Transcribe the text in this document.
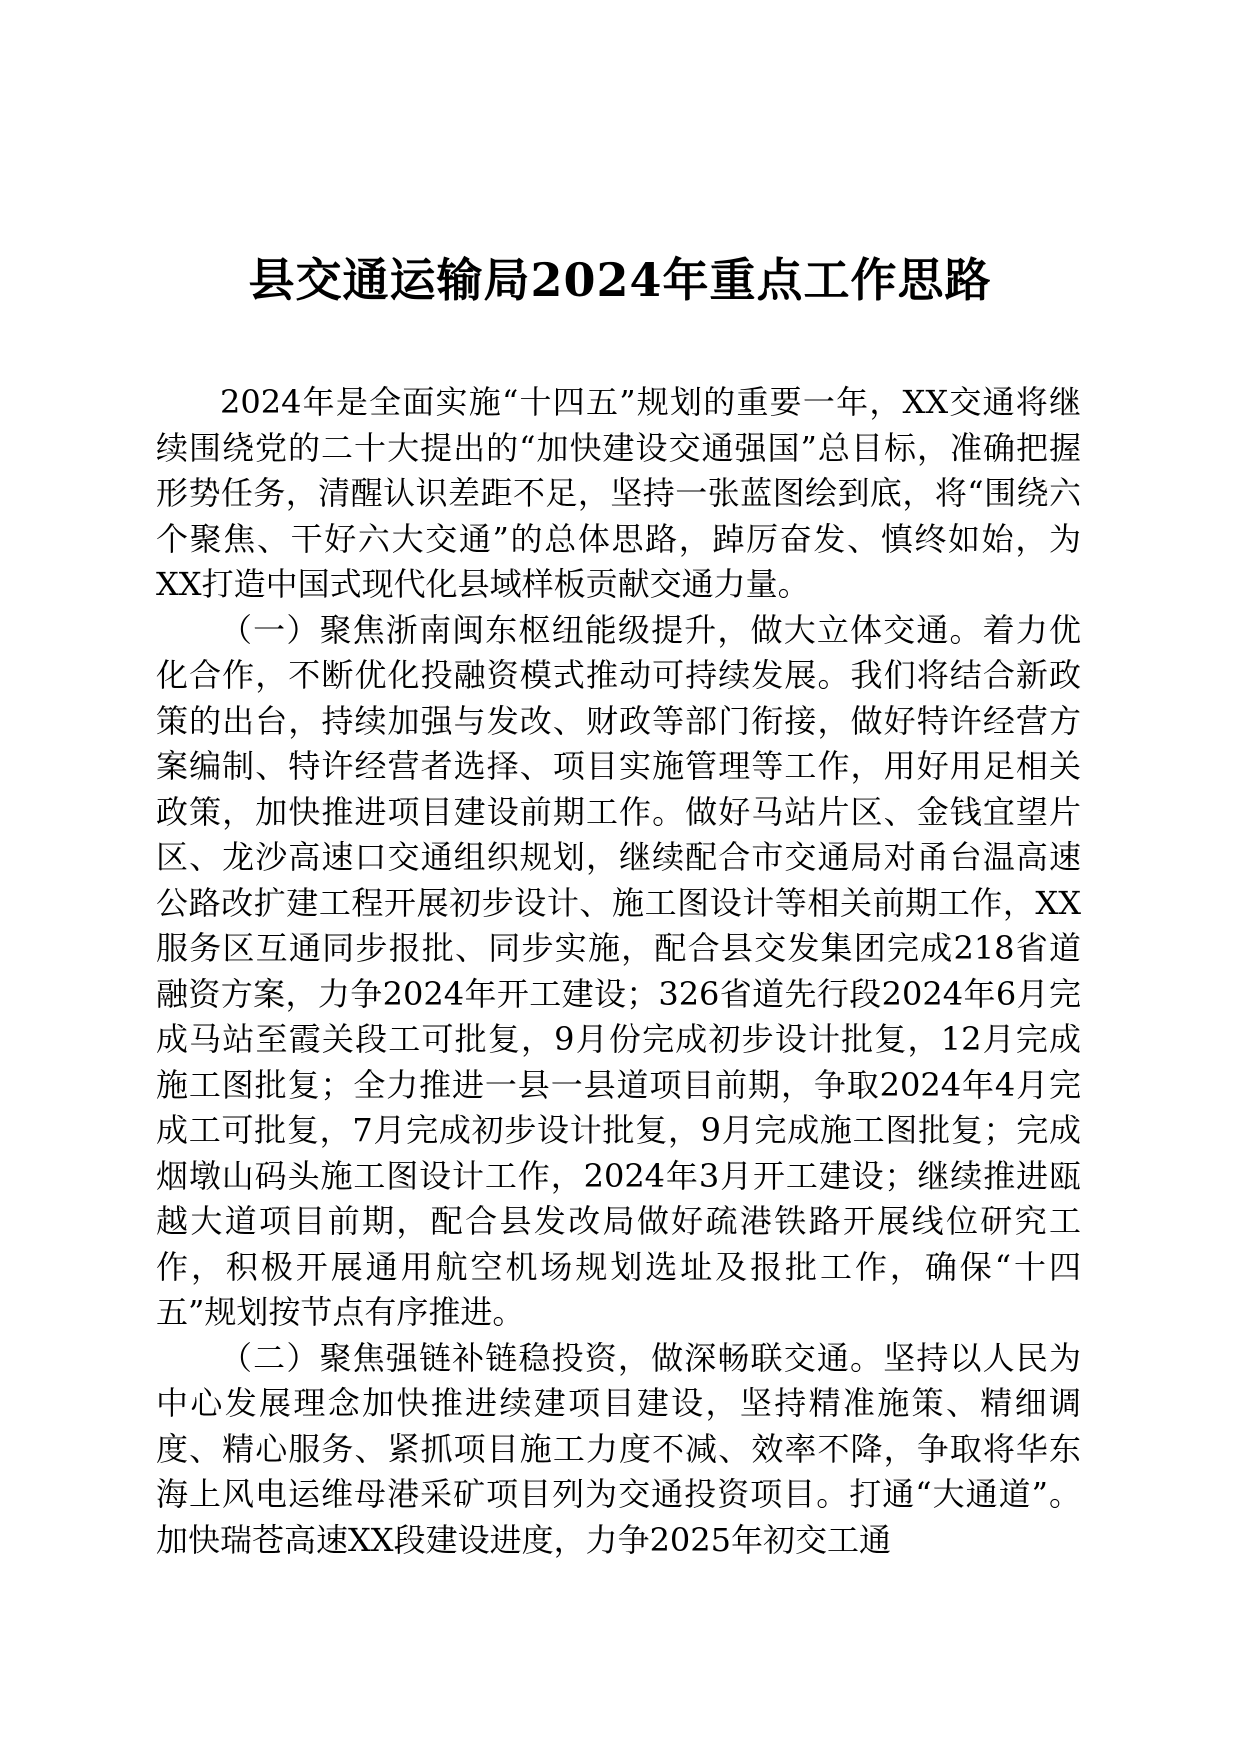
县交通运输局2024年重点工作思路

2024年是全面实施“十四五”规划的重要一年，XX交通将继续围绕党的二十大提出的“加快建设交通强国”总目标，准确把握形势任务，清醒认识差距不足，坚持一张蓝图绘到底，将“围绕六个聚焦、干好六大交通”的总体思路，踔厉奋发、慎终如始，为XX打造中国式现代化县域样板贡献交通力量。

（一）聚焦浙南闽东枢纽能级提升，做大立体交通。着力优化合作，不断优化投融资模式推动可持续发展。我们将结合新政策的出台，持续加强与发改、财政等部门衔接，做好特许经营方案编制、特许经营者选择、项目实施管理等工作，用好用足相关政策，加快推进项目建设前期工作。做好马站片区、金钱宜望片区、龙沙高速口交通组织规划，继续配合市交通局对甬台温高速公路改扩建工程开展初步设计、施工图设计等相关前期工作，XX服务区互通同步报批、同步实施，配合县交发集团完成218省道融资方案，力争2024年开工建设；326省道先行段2024年6月完成马站至霞关段工可批复，9月份完成初步设计批复，12月完成施工图批复；全力推进一县一县道项目前期，争取2024年4月完成工可批复，7月完成初步设计批复，9月完成施工图批复；完成烟墩山码头施工图设计工作，2024年3月开工建设；继续推进瓯越大道项目前期，配合县发改局做好疏港铁路开展线位研究工作，积极开展通用航空机场规划选址及报批工作，确保“十四五”规划按节点有序推进。

（二）聚焦强链补链稳投资，做深畅联交通。坚持以人民为中心发展理念加快推进续建项目建设，坚持精准施策、精细调度、精心服务、紧抓项目施工力度不减、效率不降，争取将华东海上风电运维母港采矿项目列为交通投资项目。打通“大通道”。加快瑞苍高速XX段建设进度，力争2025年初交工通
